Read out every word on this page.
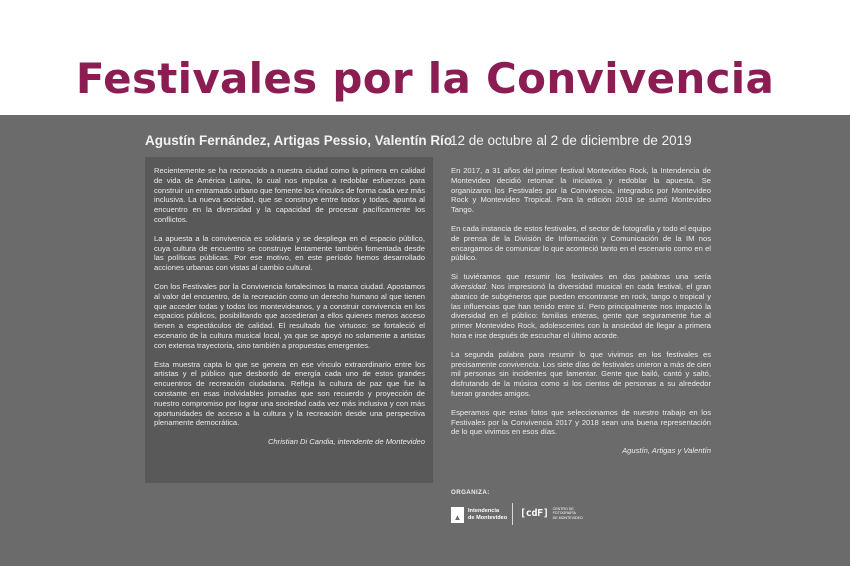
Festivales por la Convivencia
Agustín Fernández, Artigas Pessio, Valentín Río
12 de octubre al 2 de diciembre de 2019

Recientemente se ha reconocido a nuestra ciudad como la primera en calidad de vida de América Latina, lo cual nos impulsa a redoblar esfuerzos para construir un entramado urbano que fomente los vínculos de forma cada vez más inclusiva. La nueva sociedad, que se construye entre todos y todas, apunta al encuentro en la diversidad y la capacidad de procesar pacíficamente los conflictos.

La apuesta a la convivencia es solidaria y se despliega en el espacio público, cuya cultura de encuentro se construye lentamente también fomentada desde las políticas públicas. Por ese motivo, en este período hemos desarrollado acciones urbanas con vistas al cambio cultural.

Con los Festivales por la Convivencia fortalecimos la marca ciudad. Apostamos al valor del encuentro, de la recreación como un derecho humano al que tienen que acceder todas y todos los montevideanos, y a construir convivencia en los espacios públicos, posibilitando que accedieran a ellos quienes menos acceso tienen a espectáculos de calidad. El resultado fue virtuoso: se fortaleció el escenario de la cultura musical local, ya que se apoyó no solamente a artistas con extensa trayectoria, sino también a propuestas emergentes.

Esta muestra capta lo que se genera en ese vínculo extraordinario entre los artistas y el público que desbordó de energía cada uno de estos grandes encuentros de recreación ciudadana. Refleja la cultura de paz que fue la constante en esas inolvidables jornadas que son recuerdo y proyección de nuestro compromiso por lograr una sociedad cada vez más inclusiva y con más oportunidades de acceso a la cultura y la recreación desde una perspectiva plenamente democrática.

Christian Di Candia, intendente de Montevideo

En 2017, a 31 años del primer festival Montevideo Rock, la Intendencia de Montevideo decidió retomar la iniciativa y redoblar la apuesta. Se organizaron los Festivales por la Convivencia, integrados por Montevideo Rock y Montevideo Tropical. Para la edición 2018 se sumó Montevideo Tango.

En cada instancia de estos festivales, el sector de fotografía y todo el equipo de prensa de la División de Información y Comunicación de la IM nos encargamos de comunicar lo que aconteció tanto en el escenario como en el público.

Si tuviéramos que resumir los festivales en dos palabras una sería diversidad. Nos impresionó la diversidad musical en cada festival, el gran abanico de subgéneros que pueden encontrarse en rock, tango o tropical y las influencias que han tenido entre sí. Pero principalmente nos impactó la diversidad en el público: familias enteras, gente que seguramente fue al primer Montevideo Rock, adolescentes con la ansiedad de llegar a primera hora e irse después de escuchar el último acorde.

La segunda palabra para resumir lo que vivimos en los festivales es precisamente convivencia. Los siete días de festivales unieron a más de cien mil personas sin incidentes que lamentar. Gente que bailó, cantó y saltó, disfrutando de la música como si los cientos de personas a su alrededor fueran grandes amigos.

Esperamos que estas fotos que seleccionamos de nuestro trabajo en los Festivales por la Convivencia 2017 y 2018 sean una buena representación de lo que vivimos en esos días.

Agustín, Artigas y Valentín

ORGANIZA:
▲
Intendencia
de Montevideo [cdF] CENTRO DE
FOTOGRAFÍA
DE MONTEVIDEO
